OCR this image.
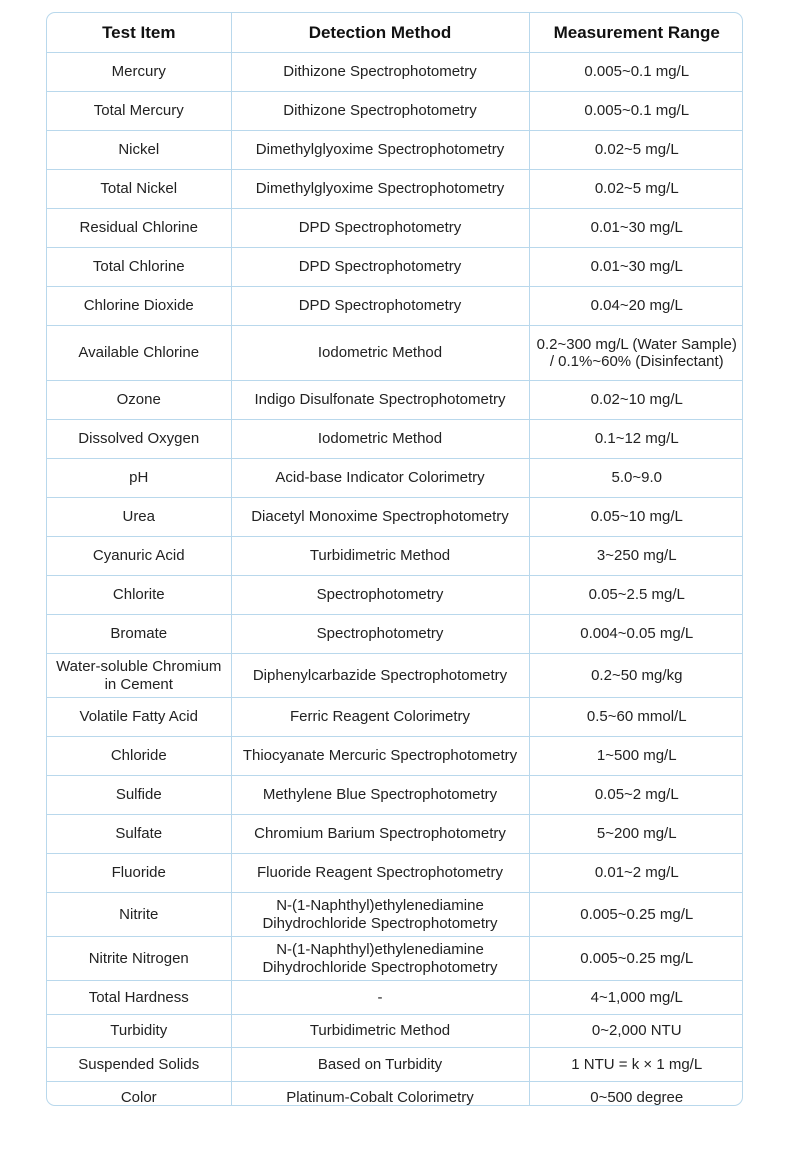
Test Item	Detection Method	Measurement Range
Mercury	Dithizone Spectrophotometry	0.005~0.1 mg/L
Total Mercury	Dithizone Spectrophotometry	0.005~0.1 mg/L
Nickel	Dimethylglyoxime Spectrophotometry	0.02~5 mg/L
Total Nickel	Dimethylglyoxime Spectrophotometry	0.02~5 mg/L
Residual Chlorine	DPD Spectrophotometry	0.01~30 mg/L
Total Chlorine	DPD Spectrophotometry	0.01~30 mg/L
Chlorine Dioxide	DPD Spectrophotometry	0.04~20 mg/L
Available Chlorine	Iodometric Method	0.2~300 mg/L (Water Sample) / 0.1%~60% (Disinfectant)
Ozone	Indigo Disulfonate Spectrophotometry	0.02~10 mg/L
Dissolved Oxygen	Iodometric Method	0.1~12 mg/L
pH	Acid-base Indicator Colorimetry	5.0~9.0
Urea	Diacetyl Monoxime Spectrophotometry	0.05~10 mg/L
Cyanuric Acid	Turbidimetric Method	3~250 mg/L
Chlorite	Spectrophotometry	0.05~2.5 mg/L
Bromate	Spectrophotometry	0.004~0.05 mg/L
Water-soluble Chromium in Cement	Diphenylcarbazide Spectrophotometry	0.2~50 mg/kg
Volatile Fatty Acid	Ferric Reagent Colorimetry	0.5~60 mmol/L
Chloride	Thiocyanate Mercuric Spectrophotometry	1~500 mg/L
Sulfide	Methylene Blue Spectrophotometry	0.05~2 mg/L
Sulfate	Chromium Barium Spectrophotometry	5~200 mg/L
Fluoride	Fluoride Reagent Spectrophotometry	0.01~2 mg/L
Nitrite	N-(1-Naphthyl)ethylenediamine Dihydrochloride Spectrophotometry	0.005~0.25 mg/L
Nitrite Nitrogen	N-(1-Naphthyl)ethylenediamine Dihydrochloride Spectrophotometry	0.005~0.25 mg/L
Total Hardness	-	4~1,000 mg/L
Turbidity	Turbidimetric Method	0~2,000 NTU
Suspended Solids	Based on Turbidity	1 NTU = k × 1 mg/L
Color	Platinum-Cobalt Colorimetry	0~500 degree
